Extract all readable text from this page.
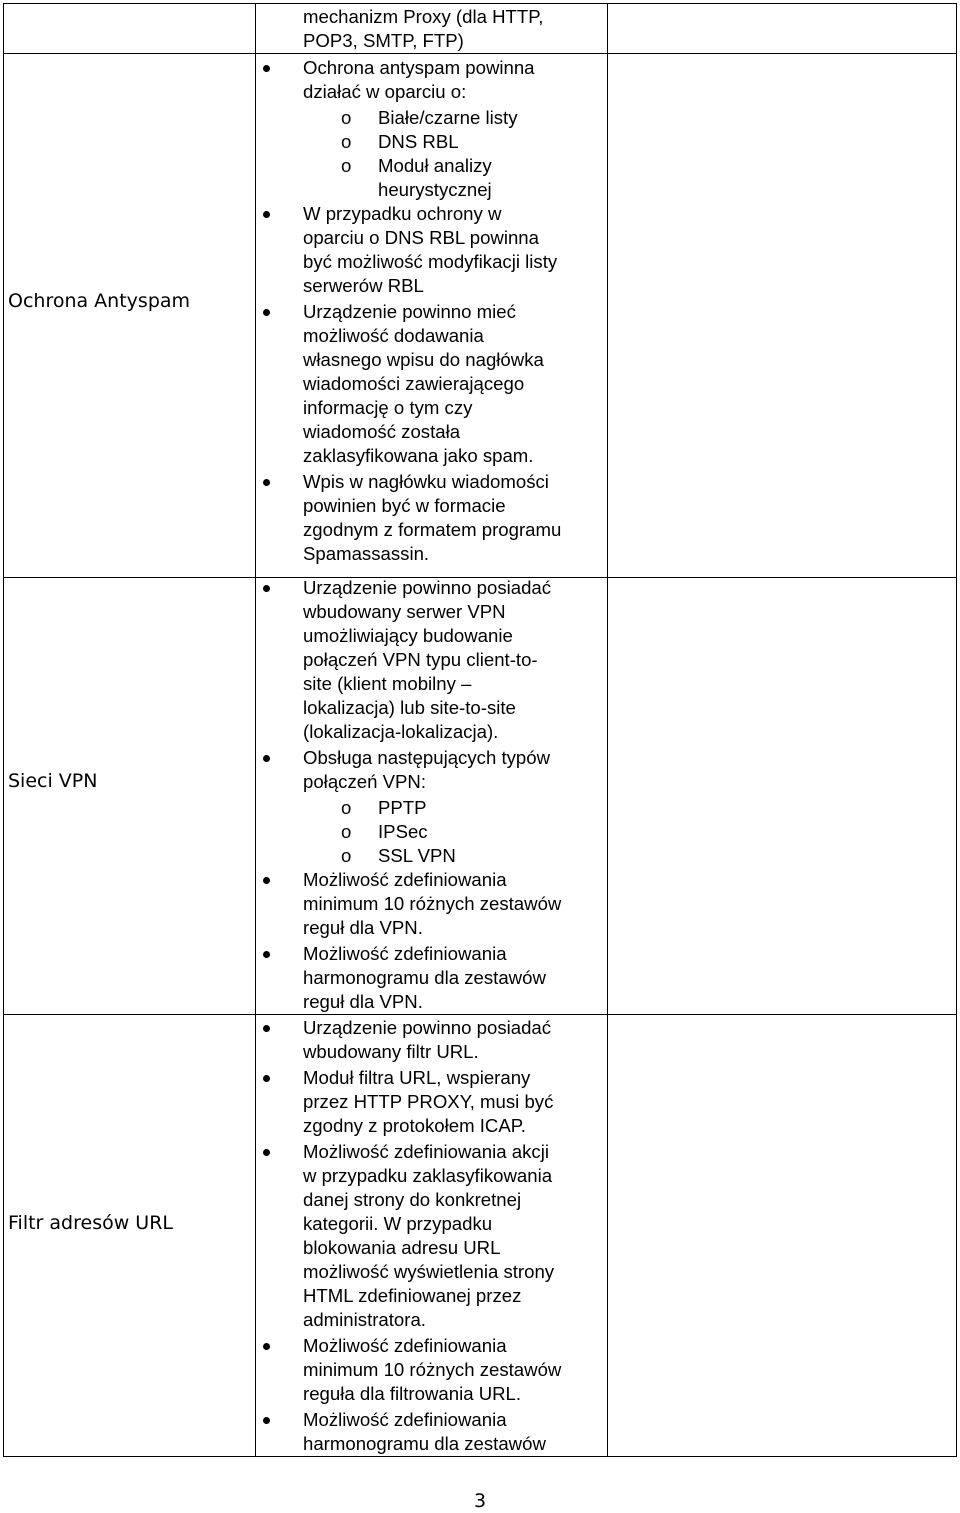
mechanizm Proxy (dla HTTP,
POP3, SMTP, FTP)
Ochrona Antyspam
Ochrona antyspam powinna
działać w oparciu o:
o Białe/czarne listy
o DNS RBL
o Moduł analizy
heurystycznej
W przypadku ochrony w
oparciu o DNS RBL powinna
być możliwość modyfikacji listy
serwerów RBL
Urządzenie powinno mieć
możliwość dodawania
własnego wpisu do nagłówka
wiadomości zawierającego
informację o tym czy
wiadomość została
zaklasyfikowana jako spam.
Wpis w nagłówku wiadomości
powinien być w formacie
zgodnym z formatem programu
Spamassassin.
Sieci VPN
Urządzenie powinno posiadać
wbudowany serwer VPN
umożliwiający budowanie
połączeń VPN typu client-to-
site (klient mobilny –
lokalizacja) lub site-to-site
(lokalizacja-lokalizacja).
Obsługa następujących typów
połączeń VPN:
o PPTP
o IPSec
o SSL VPN
Możliwość zdefiniowania
minimum 10 różnych zestawów
reguł dla VPN.
Możliwość zdefiniowania
harmonogramu dla zestawów
reguł dla VPN.
Filtr adresów URL
Urządzenie powinno posiadać
wbudowany filtr URL.
Moduł filtra URL, wspierany
przez HTTP PROXY, musi być
zgodny z protokołem ICAP.
Możliwość zdefiniowania akcji
w przypadku zaklasyfikowania
danej strony do konkretnej
kategorii. W przypadku
blokowania adresu URL
możliwość wyświetlenia strony
HTML zdefiniowanej przez
administratora.
Możliwość zdefiniowania
minimum 10 różnych zestawów
reguła dla filtrowania URL.
Możliwość zdefiniowania
harmonogramu dla zestawów
3
